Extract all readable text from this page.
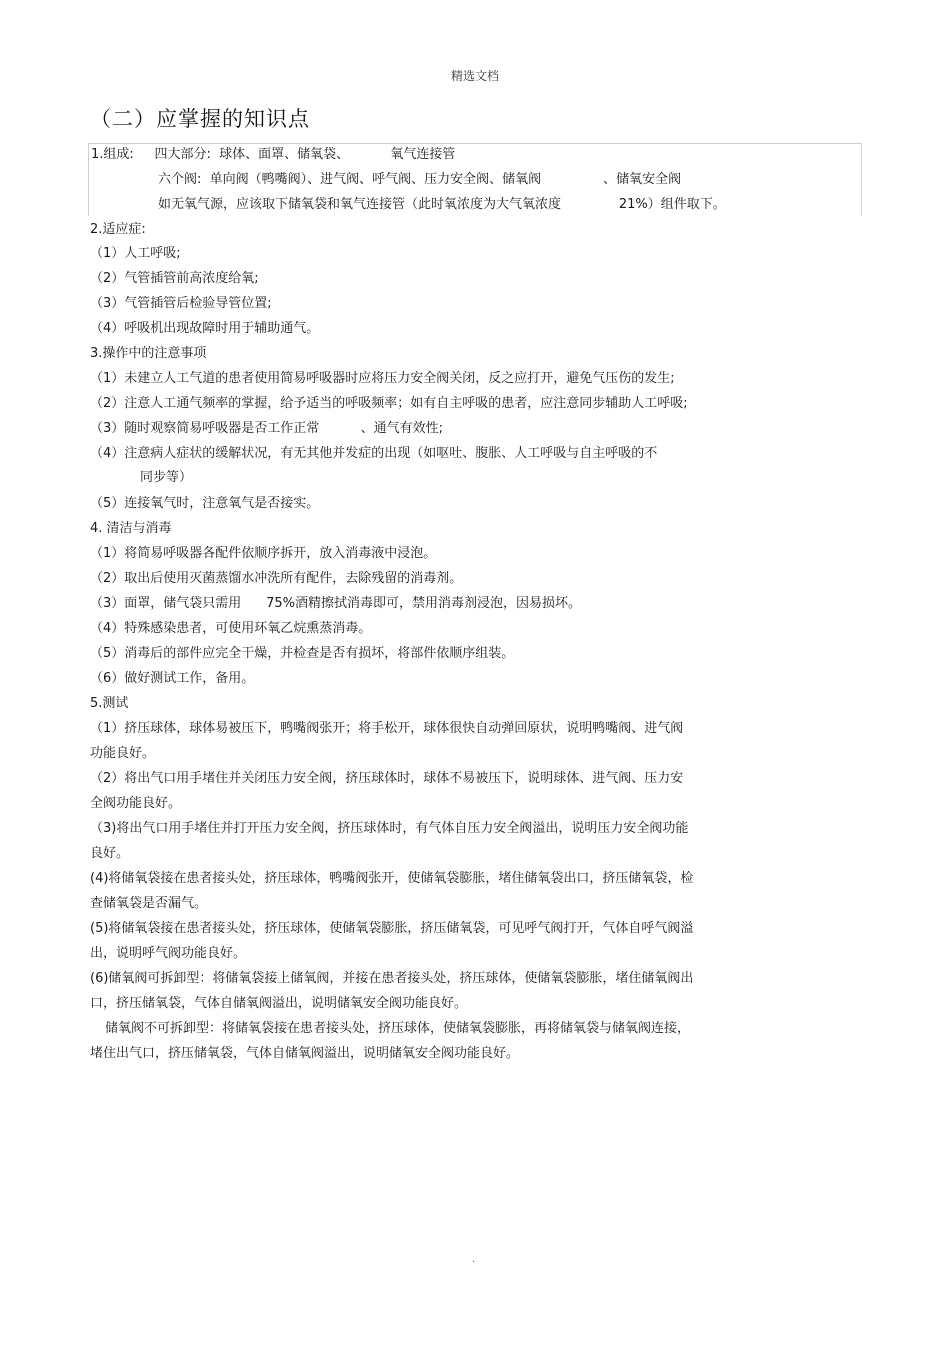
精选文档
（二）应掌握的知识点
1.组成:     四大部分:  球体、面罩、储氧袋、          氧气连接管
六个阀:  单向阀（鸭嘴阀）、进气阀、呼气阀、压力安全阀、储氧阀               、储氧安全阀
如无氧气源，应该取下储氧袋和氧气连接管（此时氧浓度为大气氧浓度              21%）组件取下。
2.适应症:
（1）人工呼吸;
（2）气管插管前高浓度给氧;
（3）气管插管后检验导管位置;
（4）呼吸机出现故障时用于辅助通气。
3.操作中的注意事项
（1）未建立人工气道的患者使用简易呼吸器时应将压力安全阀关闭，反之应打开，避免气压伤的发生;
（2）注意人工通气频率的掌握，给予适当的呼吸频率；如有自主呼吸的患者，应注意同步辅助人工呼吸;
（3）随时观察简易呼吸器是否工作正常          、通气有效性;
（4）注意病人症状的缓解状况，有无其他并发症的出现（如呕吐、腹胀、人工呼吸与自主呼吸的不
同步等）
（5）连接氧气时，注意氧气是否接实。
4. 清洁与消毒
（1）将简易呼吸器各配件依顺序拆开，放入消毒液中浸泡。
（2）取出后使用灭菌蒸馏水冲洗所有配件，去除残留的消毒剂。
（3）面罩，储气袋只需用      75%酒精擦拭消毒即可，禁用消毒剂浸泡，因易损坏。
（4）特殊感染患者，可使用环氧乙烷熏蒸消毒。
（5）消毒后的部件应完全干燥，并检查是否有损坏，将部件依顺序组装。
（6）做好测试工作，备用。
5.测试
（1）挤压球体，球体易被压下，鸭嘴阀张开；将手松开，球体很快自动弹回原状，说明鸭嘴阀、进气阀
功能良好。
（2）将出气口用手堵住并关闭压力安全阀，挤压球体时，球体不易被压下，说明球体、进气阀、压力安
全阀功能良好。
（3)将出气口用手堵住并打开压力安全阀，挤压球体时，有气体自压力安全阀溢出，说明压力安全阀功能
良好。
(4)将储氧袋接在患者接头处，挤压球体，鸭嘴阀张开，使储氧袋膨胀，堵住储氧袋出口，挤压储氧袋，检
查储氧袋是否漏气。
(5)将储氧袋接在患者接头处，挤压球体，使储氧袋膨胀，挤压储氧袋，可见呼气阀打开，气体自呼气阀溢
出，说明呼气阀功能良好。
(6)储氧阀可拆卸型：将储氧袋接上储氧阀，并接在患者接头处，挤压球体，使储氧袋膨胀，堵住储氧阀出
口，挤压储氧袋，气体自储氧阀溢出，说明储氧安全阀功能良好。
储氧阀不可拆卸型：将储氧袋接在患者接头处，挤压球体，使储氧袋膨胀，再将储氧袋与储氧阀连接，
堵住出气口，挤压储氧袋，气体自储氧阀溢出，说明储氧安全阀功能良好。
.
